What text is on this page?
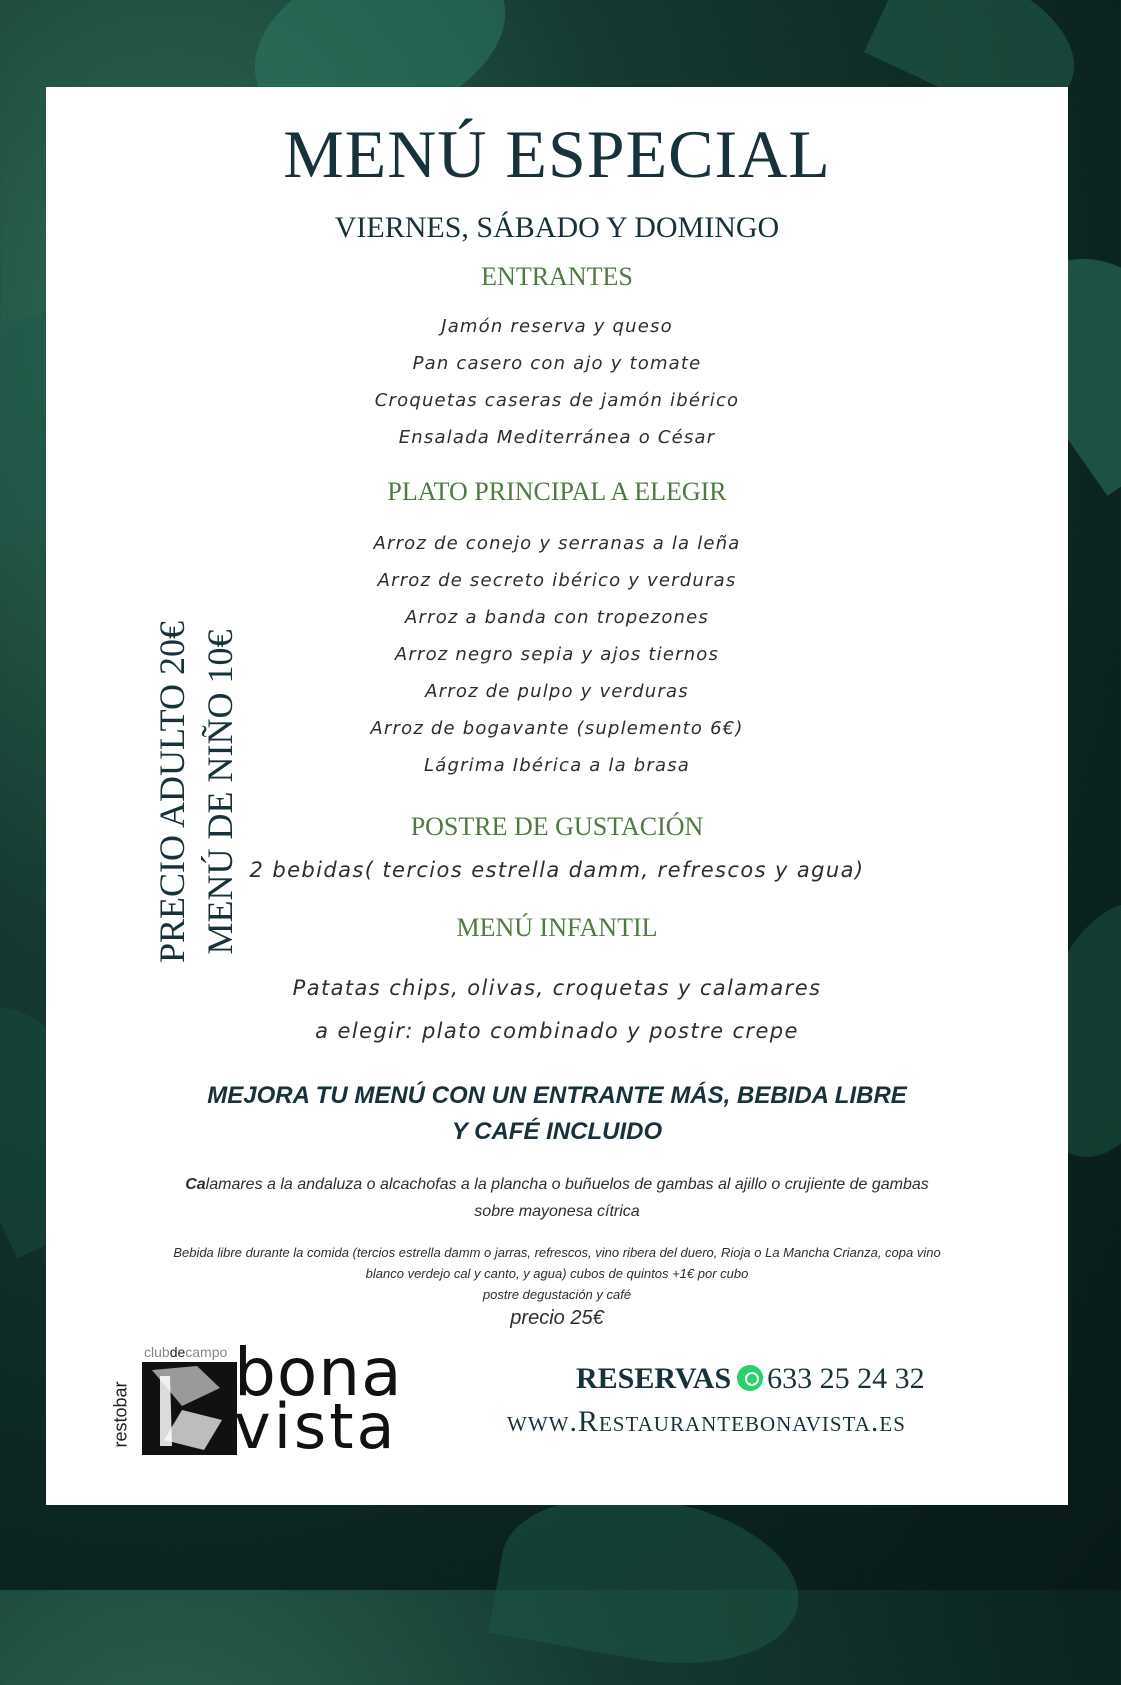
MENÚ ESPECIAL
VIERNES, SÁBADO Y DOMINGO
ENTRANTES
Jamón reserva y queso
Pan casero con ajo y tomate
Croquetas caseras de jamón ibérico
Ensalada Mediterránea o César
PLATO PRINCIPAL A ELEGIR
Arroz de conejo y serranas a la leña
Arroz de secreto ibérico y verduras
Arroz a banda con tropezones
Arroz negro sepia y ajos tiernos
Arroz de pulpo y verduras
Arroz de bogavante (suplemento 6€)
Lágrima Ibérica a la brasa
POSTRE DE GUSTACIÓN
2 bebidas( tercios estrella damm, refrescos y agua)
MENÚ INFANTIL
Patatas chips, olivas, croquetas y calamares
a elegir: plato combinado y postre crepe
MEJORA TU MENÚ CON UN ENTRANTE MÁS, BEBIDA LIBRE
Y CAFÉ INCLUIDO
Calamares a la andaluza o alcachofas a la plancha o buñuelos de gambas al ajillo o crujiente de gambas
sobre mayonesa cítrica
Bebida libre durante la comida (tercios estrella damm o jarras, refrescos, vino ribera del duero, Rioja o La Mancha Crianza, copa vino
blanco verdejo cal y canto, y agua) cubos de quintos +1€ por cubo
postre degustación y café
precio 25€
PRECIO ADULTO 20€ MENÚ DE NIÑO 10€
clubdecampo
restobar
bona
vista
RESERVAS 633 25 24 32
www.Restaurantebonavista.es
